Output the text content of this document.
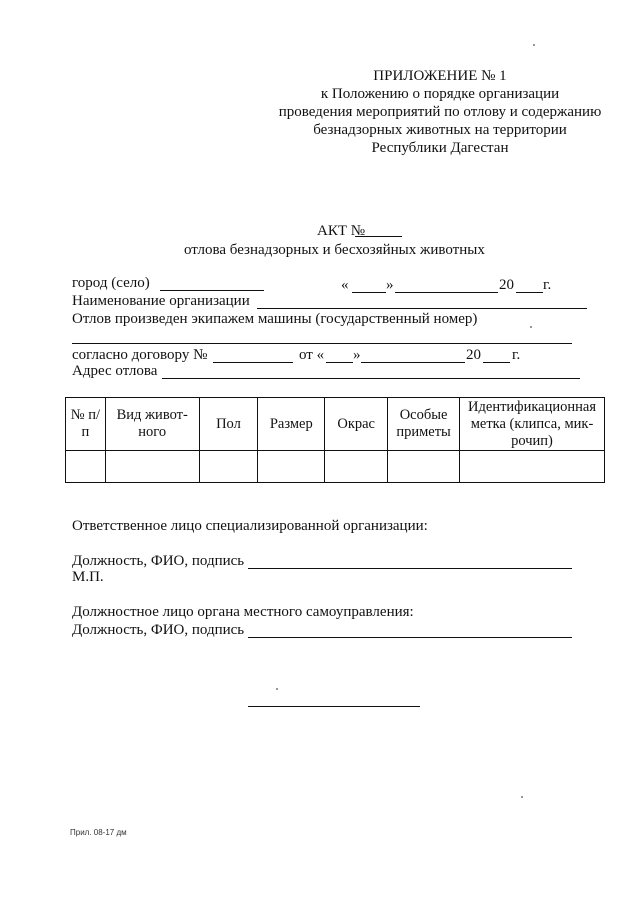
ПРИЛОЖЕНИЕ № 1
к Положению о порядке организации
проведения мероприятий по отлову и содержанию
безнадзорных животных на территории
Республики Дагестан
АКТ №
отлова безнадзорных и бесхозяйных животных
город (село)	«	»	20 г.
Наименование организации
Отлов произведен экипажем машины (государственный номер)
согласно договору №	от « »	20 г.
Адрес отлова
№ п/п	Вид живот-ного	Пол	Размер	Окрас	Особые приметы	Идентификационная метка (клипса, мик-рочип)

Ответственное лицо специализированной организации:
Должность, ФИО, подпись
М.П.
Должностное лицо органа местного самоуправления:
Должность, ФИО, подпись
Прил. 08-17 дм
